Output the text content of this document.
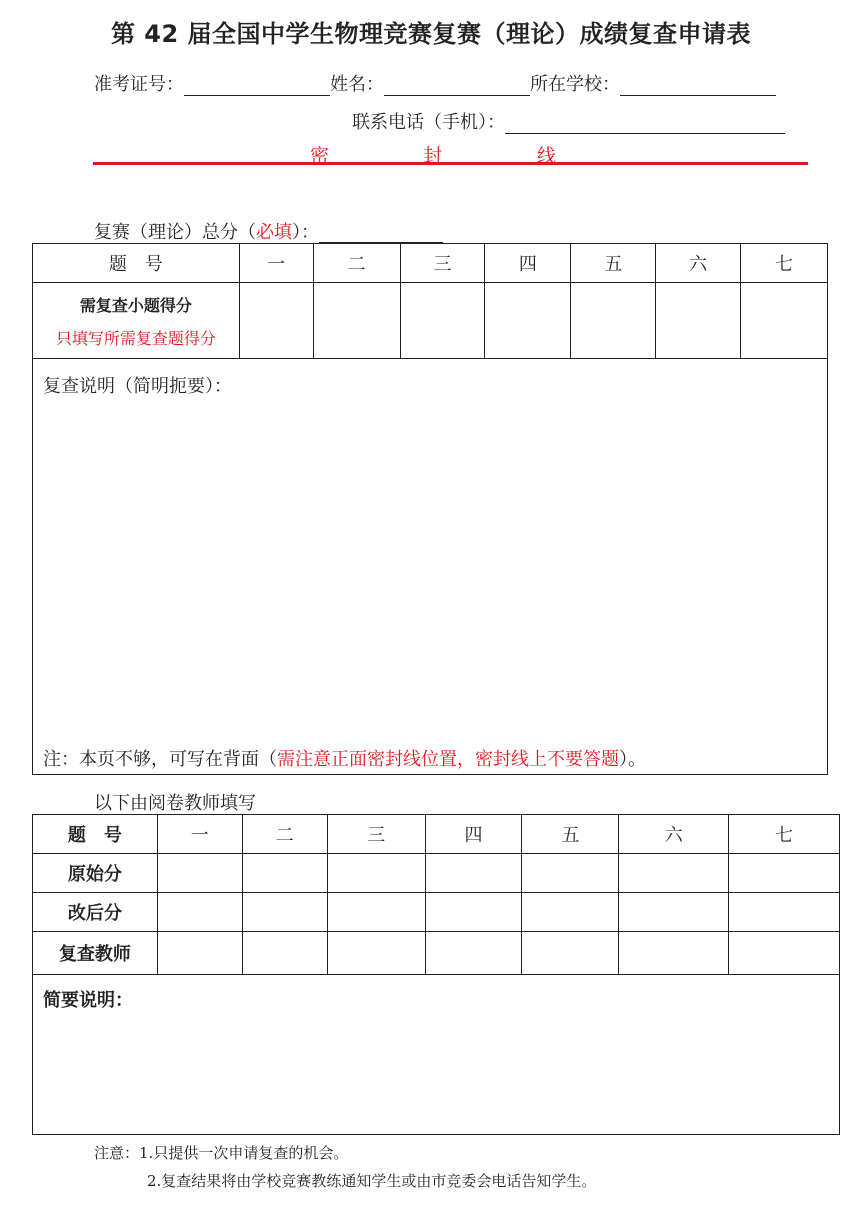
第 42 届全国中学生物理竞赛复赛（理论）成绩复查申请表
准考证号：	姓名：	所在学校：
联系电话（手机）：
密	封	线
复赛（理论）总分（必填）：
题　号	一	二	三	四	五	六	七

需复查小题得分
只填写所需复查题得分							

复查说明（简明扼要）：
注：本页不够，可写在背面（需注意正面密封线位置，密封线上不要答题）。
以下由阅卷教师填写
题　号	一	二	三	四	五	六	七
原始分							
改后分							
复查教师							
简要说明：
注意：1.只提供一次申请复查的机会。
2.复查结果将由学校竞赛教练通知学生或由市竞委会电话告知学生。
